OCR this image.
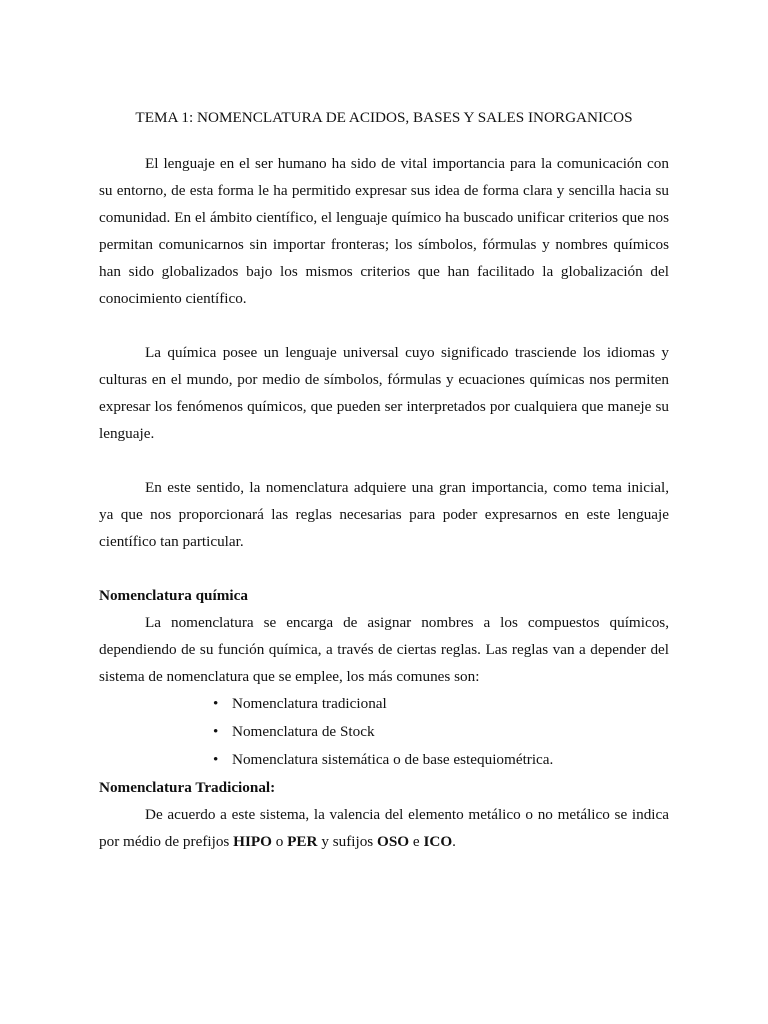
TEMA 1: NOMENCLATURA DE ACIDOS, BASES Y SALES INORGANICOS

El lenguaje en el ser humano ha sido de vital importancia para la comunicación con su entorno, de esta forma le ha permitido expresar sus idea de forma clara y sencilla hacia su comunidad. En el ámbito científico, el lenguaje químico ha buscado unificar criterios que nos permitan comunicarnos sin importar fronteras; los símbolos, fórmulas y nombres químicos han sido globalizados bajo los mismos criterios que han facilitado la globalización del conocimiento científico.

La química posee un lenguaje universal cuyo significado trasciende los idiomas y culturas en el mundo, por medio de símbolos, fórmulas y ecuaciones químicas nos permiten expresar los fenómenos químicos, que pueden ser interpretados por cualquiera que maneje su lenguaje.

En este sentido, la nomenclatura adquiere una gran importancia, como tema inicial, ya que nos proporcionará las reglas necesarias para poder expresarnos en este lenguaje científico tan particular.

Nomenclatura química

La nomenclatura se encarga de asignar nombres a los compuestos químicos, dependiendo de su función química, a través de ciertas reglas. Las reglas van a depender del sistema de nomenclatura que se emplee, los más comunes son:

• Nomenclatura tradicional
• Nomenclatura de Stock
• Nomenclatura sistemática o de base estequiométrica.

Nomenclatura Tradicional:

De acuerdo a este sistema, la valencia del elemento metálico o no metálico se indica por médio de prefijos HIPO o PER y sufijos OSO e ICO.
